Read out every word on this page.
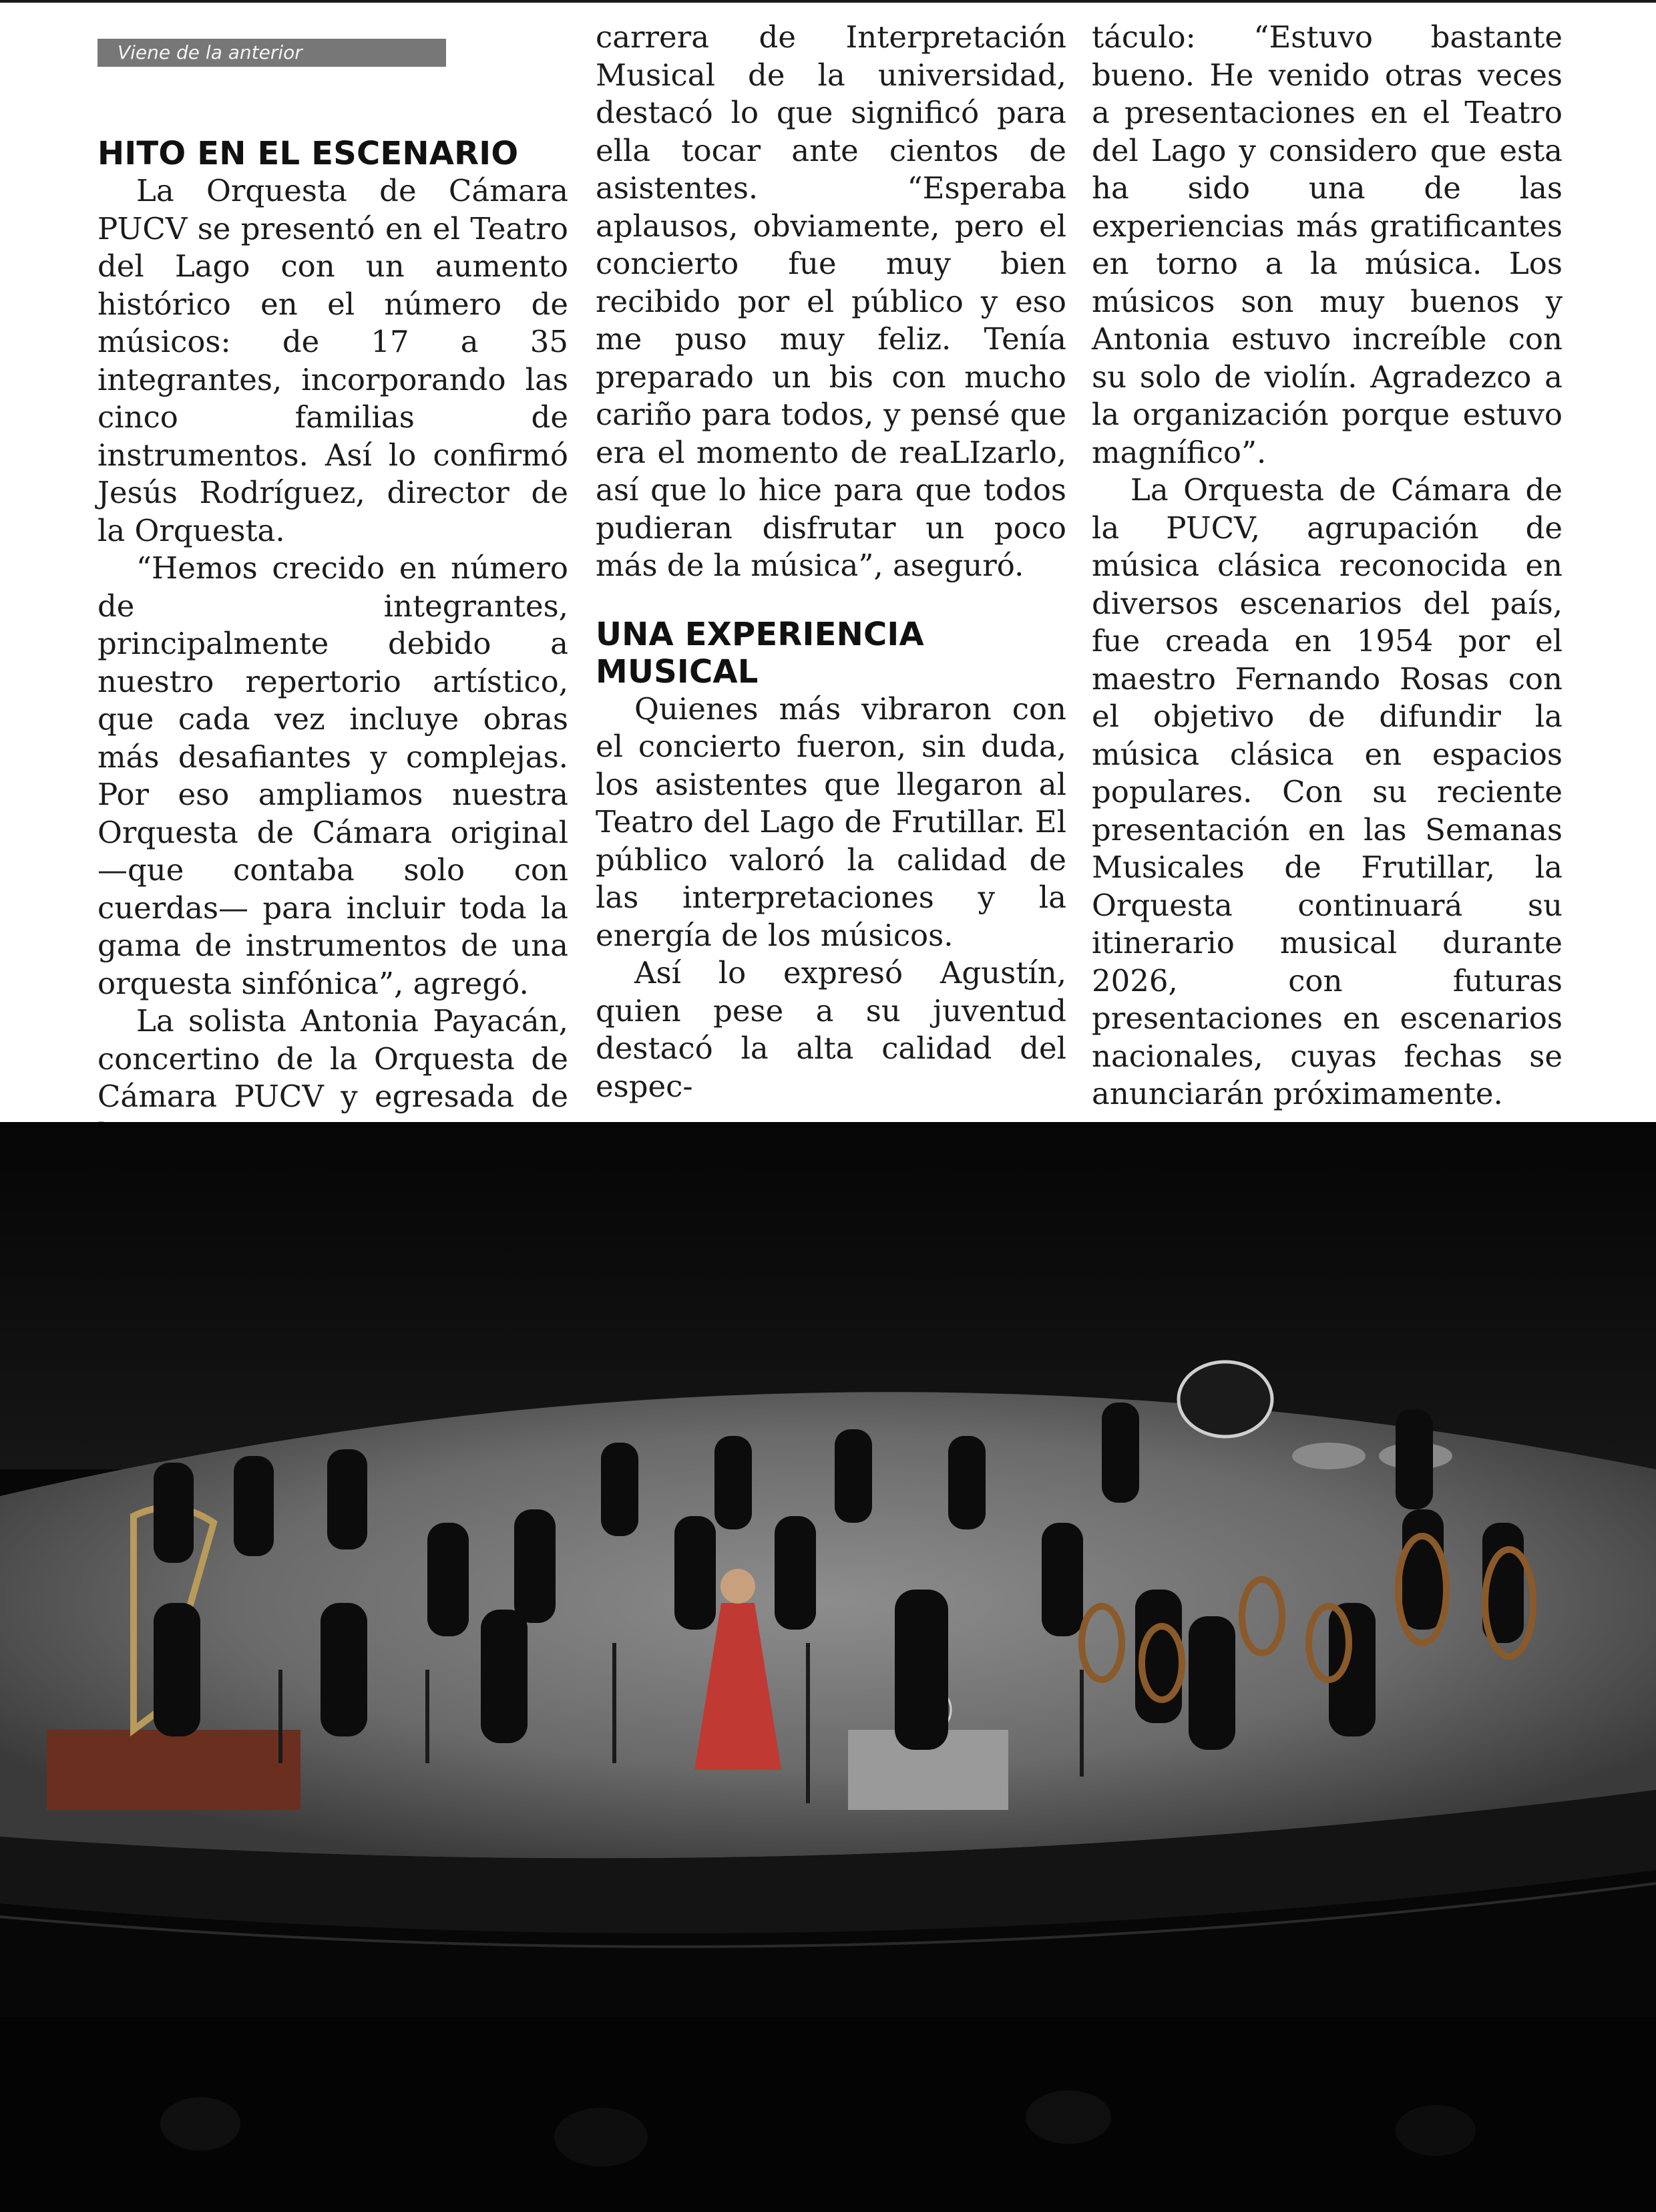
Viene de la anterior
HITO EN EL ESCENARIO

La Orquesta de Cámara PUCV se presentó en el Teatro del Lago con un aumento histórico en el número de músicos: de 17 a 35 integrantes, incorporando las cinco familias de instrumentos. Así lo confirmó Jesús Rodríguez, director de la Orquesta.

“Hemos crecido en número de integrantes, principalmente debido a nuestro repertorio artístico, que cada vez incluye obras más desafiantes y complejas. Por eso ampliamos nuestra Orquesta de Cámara original —que contaba solo con cuerdas— para incluir toda la gama de instrumentos de una orquesta sinfónica”, agregó.

La solista Antonia Payacán, concertino de la Orquesta de Cámara PUCV y egresada de

carrera de Interpretación Musical de la universidad, destacó lo que significó para ella tocar ante cientos de asistentes. “Esperaba aplausos, obviamente, pero el concierto fue muy bien recibido por el público y eso me puso muy feliz. Tenía preparado un bis con mucho cariño para todos, y pensé que era el momento de reaLIzarlo, así que lo hice para que todos pudieran disfrutar un poco más de la música”, aseguró.

UNA EXPERIENCIA MUSICAL

Quienes más vibraron con el concierto fueron, sin duda, los asistentes que llegaron al Teatro del Lago de Frutillar. El público valoró la calidad de las interpretaciones y la energía de los músicos.

Así lo expresó Agustín, quien pese a su juventud destacó la alta calidad del espec-

táculo: “Estuvo bastante bueno. He venido otras veces a presentaciones en el Teatro del Lago y considero que esta ha sido una de las experiencias más gratificantes en torno a la música. Los músicos son muy buenos y Antonia estuvo increíble con su solo de violín. Agradezco a la organización porque estuvo magnífico”.

La Orquesta de Cámara de la PUCV, agrupación de música clásica reconocida en diversos escenarios del país, fue creada en 1954 por el maestro Fernando Rosas con el objetivo de difundir la música clásica en espacios populares. Con su reciente presentación en las Semanas Musicales de Frutillar, la Orquesta continuará su itinerario musical durante 2026, con futuras presentaciones en escenarios nacionales, cuyas fechas se anunciarán próximamente.
